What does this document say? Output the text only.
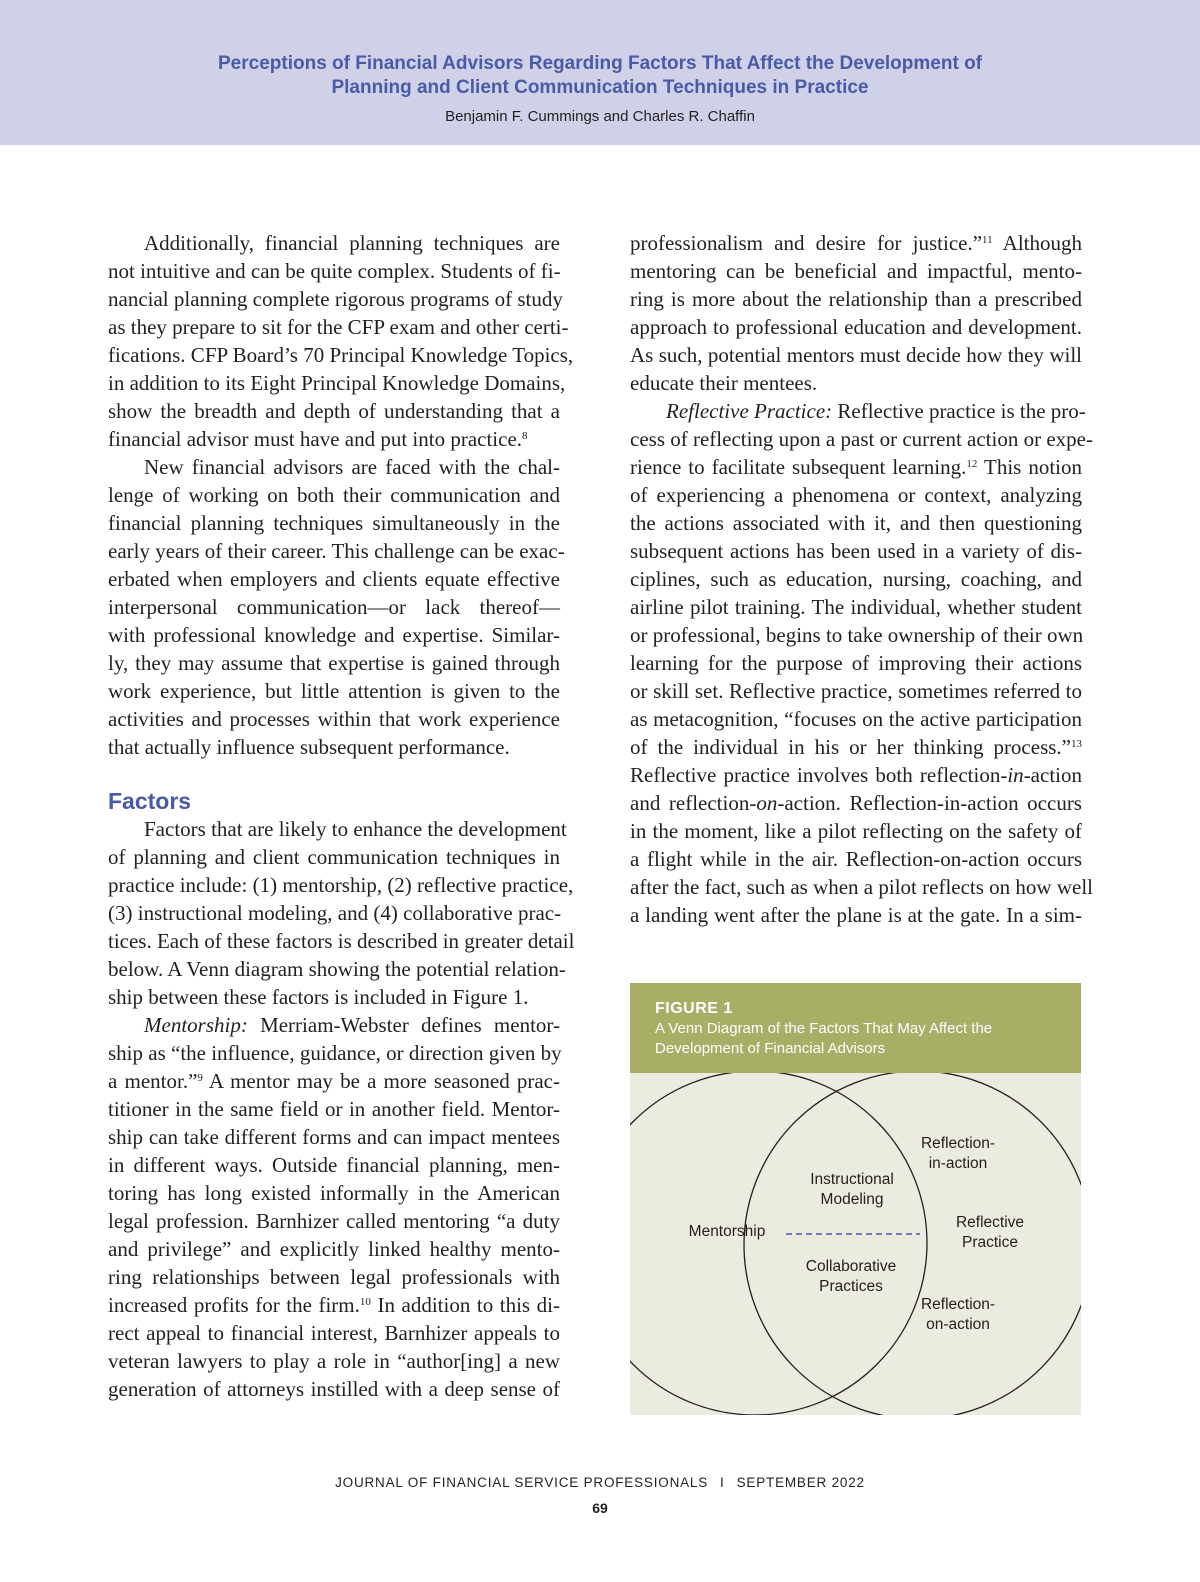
Perceptions of Financial Advisors Regarding Factors That Affect the Development of
Planning and Client Communication Techniques in Practice
Benjamin F. Cummings and Charles R. Chaffin
Additionally, financial planning techniques are
not intuitive and can be quite complex. Students of fi-
nancial planning complete rigorous programs of study
as they prepare to sit for the CFP exam and other certi-
fications. CFP Board’s 70 Principal Knowledge Topics,
in addition to its Eight Principal Knowledge Domains,
show the breadth and depth of understanding that a
financial advisor must have and put into practice.$^8$
New financial advisors are faced with the chal-
lenge of working on both their communication and
financial planning techniques simultaneously in the
early years of their career. This challenge can be exac-
erbated when employers and clients equate effective
interpersonal communication—or lack thereof—
with professional knowledge and expertise. Similar-
ly, they may assume that expertise is gained through
work experience, but little attention is given to the
activities and processes within that work experience
that actually influence subsequent performance.
Factors
Factors that are likely to enhance the development
of planning and client communication techniques in
practice include: (1) mentorship, (2) reflective practice,
(3) instructional modeling, and (4) collaborative prac-
tices. Each of these factors is described in greater detail
below. A Venn diagram showing the potential relation-
ship between these factors is included in Figure 1.
Mentorship: Merriam-Webster defines mentor-
ship as “the influence, guidance, or direction given by
a mentor.”$^9$ A mentor may be a more seasoned prac-
titioner in the same field or in another field. Mentor-
ship can take different forms and can impact mentees
in different ways. Outside financial planning, men-
toring has long existed informally in the American
legal profession. Barnhizer called mentoring “a duty
and privilege” and explicitly linked healthy mento-
ring relationships between legal professionals with
increased profits for the firm.$^{10}$ In addition to this di-
rect appeal to financial interest, Barnhizer appeals to
veteran lawyers to play a role in “author[ing] a new
generation of attorneys instilled with a deep sense of
professionalism and desire for justice.”$^{11}$ Although
mentoring can be beneficial and impactful, mento-
ring is more about the relationship than a prescribed
approach to professional education and development.
As such, potential mentors must decide how they will
educate their mentees.
Reflective Practice: Reflective practice is the pro-
cess of reflecting upon a past or current action or expe-
rience to facilitate subsequent learning.$^{12}$ This notion
of experiencing a phenomena or context, analyzing
the actions associated with it, and then questioning
subsequent actions has been used in a variety of dis-
ciplines, such as education, nursing, coaching, and
airline pilot training. The individual, whether student
or professional, begins to take ownership of their own
learning for the purpose of improving their actions
or skill set. Reflective practice, sometimes referred to
as metacognition, “focuses on the active participation
of the individual in his or her thinking process.”$^{13}$
Reflective practice involves both reflection-in-action
and reflection-on-action. Reflection-in-action occurs
in the moment, like a pilot reflecting on the safety of
a flight while in the air. Reflection-on-action occurs
after the fact, such as when a pilot reflects on how well
a landing went after the plane is at the gate. In a sim-
FIGURE 1
A Venn Diagram of the Factors That May Affect the Development of Financial Advisors
Mentorship
Instructional Modeling
Collaborative Practices
Reflective Practice
Reflection-in-action
Reflection-on-action
JOURNAL OF FINANCIAL SERVICE PROFESSIONALS I SEPTEMBER 2022
69
